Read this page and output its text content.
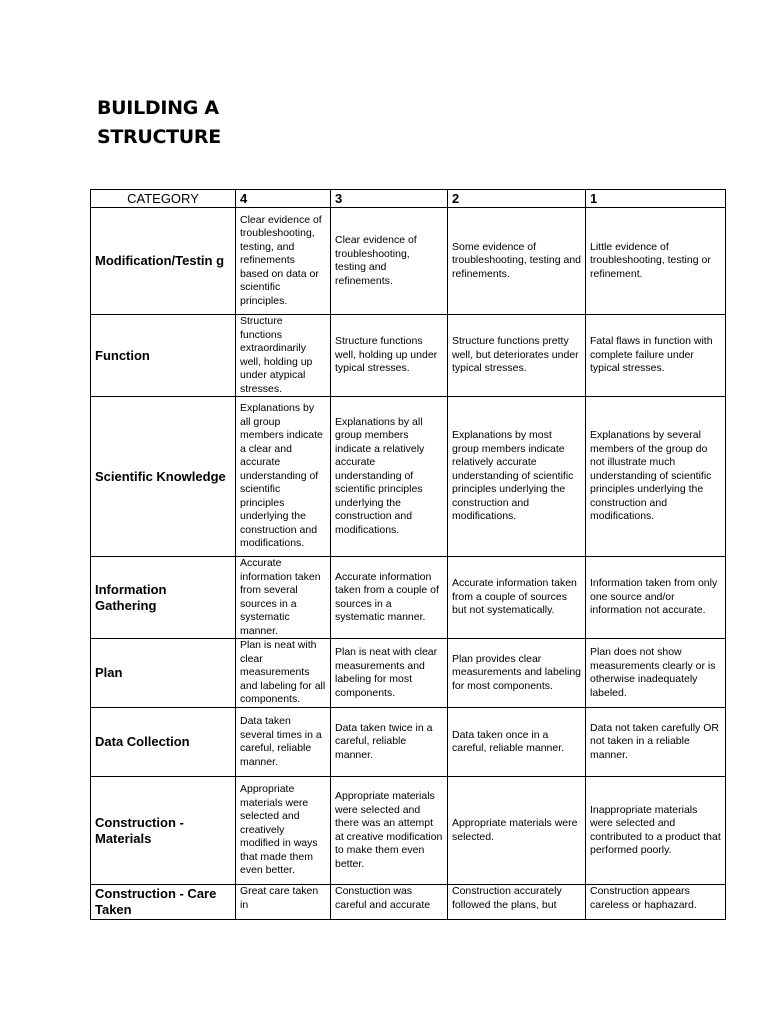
BUILDING A
STRUCTURE
CATEGORY	4	3	2	1
Modification/Testin g	Clear evidence of troubleshooting, testing, and refinements based on data or scientific principles.	Clear evidence of troubleshooting, testing and refinements.	Some evidence of troubleshooting, testing and refinements.	Little evidence of troubleshooting, testing or refinement.
Function	Structure functions extraordinarily well, holding up under atypical stresses.	Structure functions well, holding up under typical stresses.	Structure functions pretty well, but deteriorates under typical stresses.	Fatal flaws in function with complete failure under typical stresses.
Scientific Knowledge	Explanations by all group members indicate a clear and accurate understanding of scientific principles underlying the construction and modifications.	Explanations by all group members indicate a relatively accurate understanding of scientific principles underlying the construction and modifications.	Explanations by most group members indicate relatively accurate understanding of scientific principles underlying the construction and modifications.	Explanations by several members of the group do not illustrate much understanding of scientific principles underlying the construction and modifications.
Information Gathering	Accurate information taken from several sources in a systematic manner.	Accurate information taken from a couple of sources in a systematic manner.	Accurate information taken from a couple of sources but not systematically.	Information taken from only one source and/or information not accurate.
Plan	Plan is neat with clear measurements and labeling for all components.	Plan is neat with clear measurements and labeling for most components.	Plan provides clear measurements and labeling for most components.	Plan does not show measurements clearly or is otherwise inadequately labeled.
Data Collection	Data taken several times in a careful, reliable manner.	Data taken twice in a careful, reliable manner.	Data taken once in a careful, reliable manner.	Data not taken carefully OR not taken in a reliable manner.
Construction -Materials	Appropriate materials were selected and creatively modified in ways that made them even better.	Appropriate materials were selected and there was an attempt at creative modification to make them even better.	Appropriate materials were selected.	Inappropriate materials were selected and contributed to a product that performed poorly.
Construction - Care Taken	Great care taken in	Constuction was careful and accurate	Construction accurately followed the plans, but	Construction appears careless or haphazard.
